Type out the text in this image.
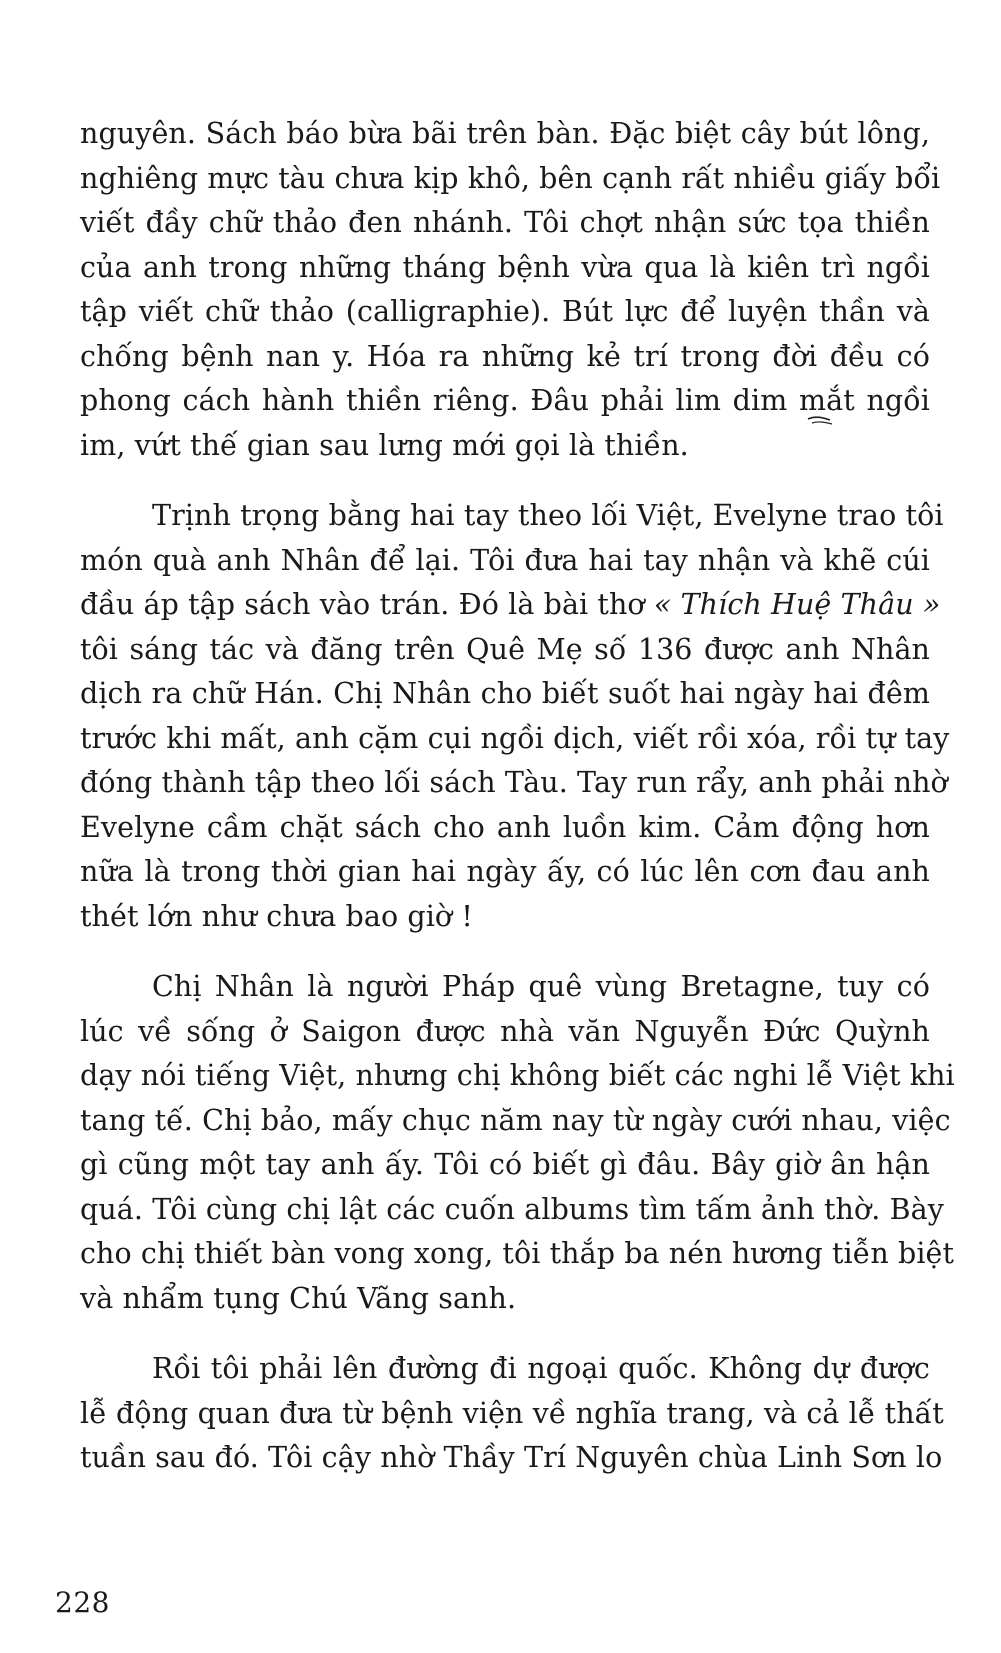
nguyên. Sách báo bừa bãi trên bàn. Đặc biệt cây bút lông,
nghiêng mực tàu chưa kịp khô, bên cạnh rất nhiều giấy bổi
viết đầy chữ thảo đen nhánh. Tôi chợt nhận sức tọa thiền
của anh trong những tháng bệnh vừa qua là kiên trì ngồi
tập viết chữ thảo (calligraphie). Bút lực để luyện thần và
chống bệnh nan y. Hóa ra những kẻ trí trong đời đều có
phong cách hành thiền riêng. Đâu phải lim dim mắt ngồi
im, vứt thế gian sau lưng mới gọi là thiền.
Trịnh trọng bằng hai tay theo lối Việt, Evelyne trao tôi
món quà anh Nhân để lại. Tôi đưa hai tay nhận và khẽ cúi
đầu áp tập sách vào trán. Đó là bài thơ « Thích Huệ Thâu »
tôi sáng tác và đăng trên Quê Mẹ số 136 được anh Nhân
dịch ra chữ Hán. Chị Nhân cho biết suốt hai ngày hai đêm
trước khi mất, anh cặm cụi ngồi dịch, viết rồi xóa, rồi tự tay
đóng thành tập theo lối sách Tàu. Tay run rẩy, anh phải nhờ
Evelyne cầm chặt sách cho anh luồn kim. Cảm động hơn
nữa là trong thời gian hai ngày ấy, có lúc lên cơn đau anh
thét lớn như chưa bao giờ !
Chị Nhân là người Pháp quê vùng Bretagne, tuy có
lúc về sống ở Saigon được nhà văn Nguyễn Đức Quỳnh
dạy nói tiếng Việt, nhưng chị không biết các nghi lễ Việt khi
tang tế. Chị bảo, mấy chục năm nay từ ngày cưới nhau, việc
gì cũng một tay anh ấy. Tôi có biết gì đâu. Bây giờ ân hận
quá. Tôi cùng chị lật các cuốn albums tìm tấm ảnh thờ. Bày
cho chị thiết bàn vong xong, tôi thắp ba nén hương tiễn biệt
và nhẩm tụng Chú Vãng sanh.
Rồi tôi phải lên đường đi ngoại quốc. Không dự được
lễ động quan đưa từ bệnh viện về nghĩa trang, và cả lễ thất
tuần sau đó. Tôi cậy nhờ Thầy Trí Nguyên chùa Linh Sơn lo
228
